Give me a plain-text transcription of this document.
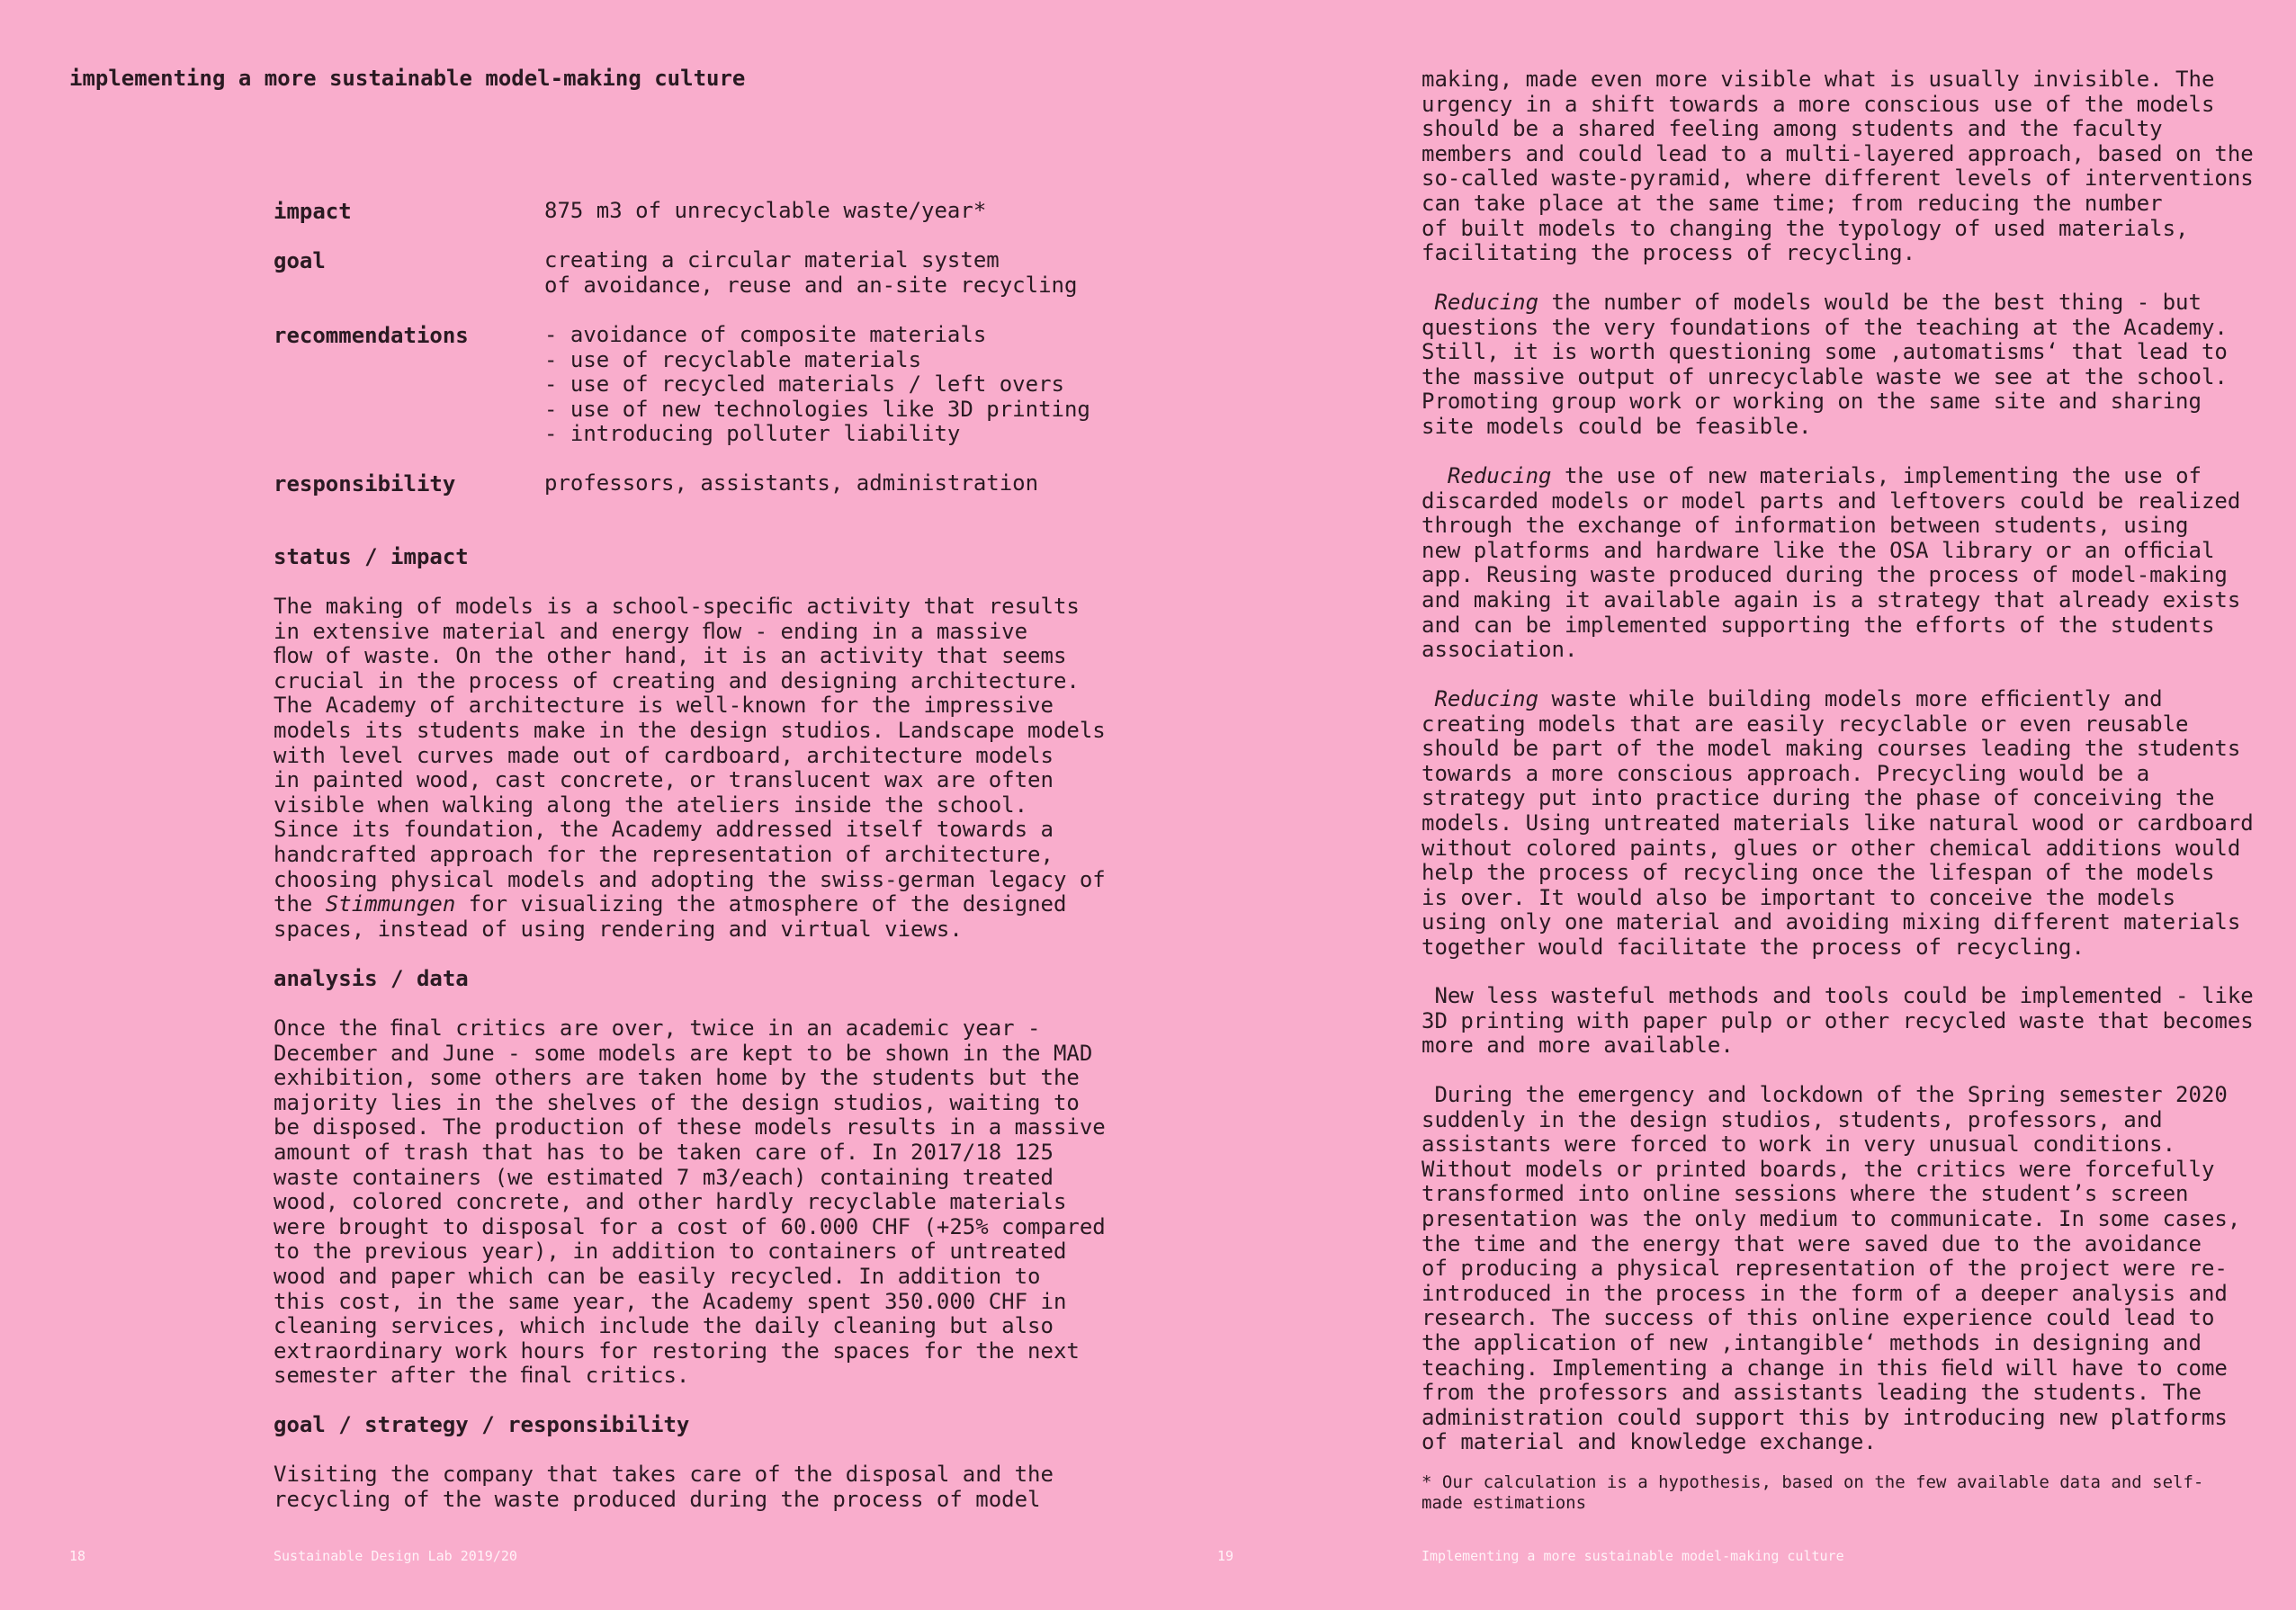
implementing a more sustainable model-making culture
impact	875 m3 of unrecyclable waste/year*
goal	creating a circular material system
of avoidance, reuse and an-site recycling
recommendations	- avoidance of composite materials
- use of recyclable materials
- use of recycled materials / left overs
- use of new technologies like 3D printing
- introducing polluter liability
responsibility	professors, assistants, administration
status / impact
The making of models is a school-speciﬁc activity that results
in extensive material and energy ﬂow - ending in a massive
ﬂow of waste. On the other hand, it is an activity that seems
crucial in the process of creating and designing architecture.
The Academy of architecture is well-known for the impressive
models its students make in the design studios. Landscape models
with level curves made out of cardboard, architecture models
in painted wood, cast concrete, or translucent wax are often
visible when walking along the ateliers inside the school.
Since its foundation, the Academy addressed itself towards a
handcrafted approach for the representation of architecture,
choosing physical models and adopting the swiss-german legacy of
the Stimmungen for visualizing the atmosphere of the designed
spaces, instead of using rendering and virtual views.
analysis / data
Once the ﬁnal critics are over, twice in an academic year -
December and June - some models are kept to be shown in the MAD
exhibition, some others are taken home by the students but the
majority lies in the shelves of the design studios, waiting to
be disposed. The production of these models results in a massive
amount of trash that has to be taken care of. In 2017/18 125
waste containers (we estimated 7 m3/each) containing treated
wood, colored concrete, and other hardly recyclable materials
were brought to disposal for a cost of 60.000 CHF (+25% compared
to the previous year), in addition to containers of untreated
wood and paper which can be easily recycled. In addition to
this cost, in the same year, the Academy spent 350.000 CHF in
cleaning services, which include the daily cleaning but also
extraordinary work hours for restoring the spaces for the next
semester after the ﬁnal critics.
goal / strategy / responsibility
Visiting the company that takes care of the disposal and the
recycling of the waste produced during the process of model
making, made even more visible what is usually invisible. The
urgency in a shift towards a more conscious use of the models
should be a shared feeling among students and the faculty
members and could lead to a multi-layered approach, based on the
so-called waste-pyramid, where different levels of interventions
can take place at the same time; from reducing the number
of built models to changing the typology of used materials,
facilitating the process of recycling.
Reducing the number of models would be the best thing - but
questions the very foundations of the teaching at the Academy.
Still, it is worth questioning some ‚automatisms‘ that lead to
the massive output of unrecyclable waste we see at the school.
Promoting group work or working on the same site and sharing
site models could be feasible.
Reducing the use of new materials, implementing the use of
discarded models or model parts and leftovers could be realized
through the exchange of information between students, using
new platforms and hardware like the OSA library or an ofﬁcial
app. Reusing waste produced during the process of model-making
and making it available again is a strategy that already exists
and can be implemented supporting the efforts of the students
association.
Reducing waste while building models more efﬁciently and
creating models that are easily recyclable or even reusable
should be part of the model making courses leading the students
towards a more conscious approach. Precycling would be a
strategy put into practice during the phase of conceiving the
models. Using untreated materials like natural wood or cardboard
without colored paints, glues or other chemical additions would
help the process of recycling once the lifespan of the models
is over. It would also be important to conceive the models
using only one material and avoiding mixing different materials
together would facilitate the process of recycling.
New less wasteful methods and tools could be implemented - like
3D printing with paper pulp or other recycled waste that becomes
more and more available.
During the emergency and lockdown of the Spring semester 2020
suddenly in the design studios, students, professors, and
assistants were forced to work in very unusual conditions.
Without models or printed boards, the critics were forcefully
transformed into online sessions where the student’s screen
presentation was the only medium to communicate. In some cases,
the time and the energy that were saved due to the avoidance
of producing a physical representation of the project were re-
introduced in the process in the form of a deeper analysis and
research. The success of this online experience could lead to
the application of new ‚intangible‘ methods in designing and
teaching. Implementing a change in this ﬁeld will have to come
from the professors and assistants leading the students. The
administration could support this by introducing new platforms
of material and knowledge exchange.
* Our calculation is a hypothesis, based on the few available data and self-
made estimations
18	Sustainable Design Lab 2019/20	19	Implementing a more sustainable model-making culture
